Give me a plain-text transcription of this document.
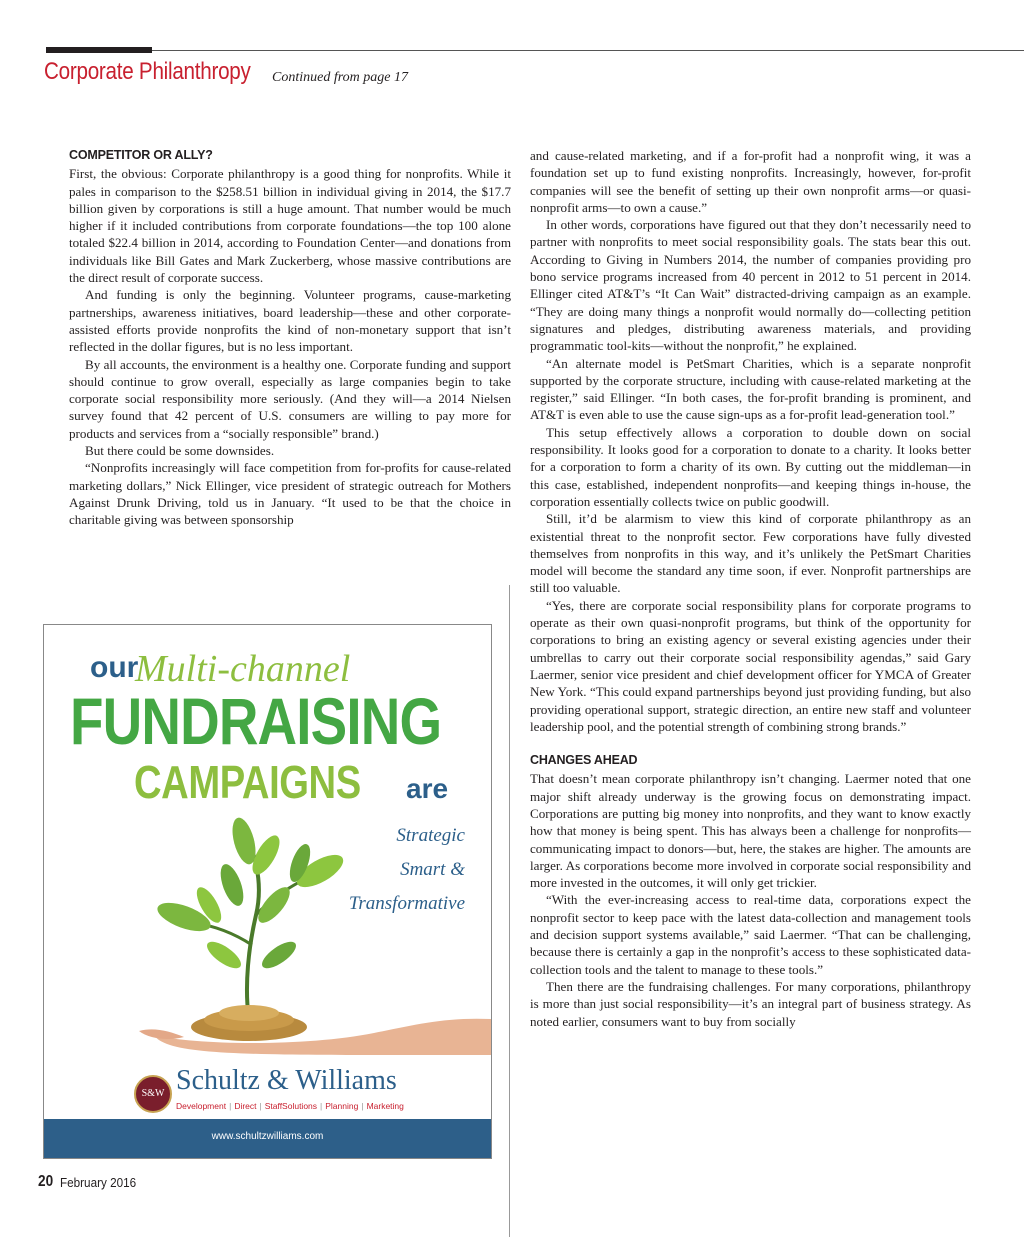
Corporate Philanthropy Continued from page 17
COMPETITOR OR ALLY?

First, the obvious: Corporate philanthropy is a good thing for nonprofits. While it pales in comparison to the $258.51 billion in individual giving in 2014, the $17.7 billion given by corporations is still a huge amount. That number would be much higher if it included contributions from corporate foundations—the top 100 alone totaled $22.4 billion in 2014, according to Foundation Center—and donations from individuals like Bill Gates and Mark Zuckerberg, whose massive contributions are the direct result of corporate success.

And funding is only the beginning. Volunteer programs, cause-marketing partnerships, awareness initiatives, board leadership—these and other corporate-assisted efforts provide nonprofits the kind of non-monetary support that isn’t reflected in the dollar figures, but is no less important.

By all accounts, the environment is a healthy one. Corporate funding and support should continue to grow overall, especially as large companies begin to take corporate social responsibility more seriously. (And they will—a 2014 Nielsen survey found that 42 percent of U.S. consumers are willing to pay more for products and services from a “socially responsible” brand.)

But there could be some downsides.

“Nonprofits increasingly will face competition from for-profits for cause-related marketing dollars,” Nick Ellinger, vice president of strategic outreach for Mothers Against Drunk Driving, told us in January. “It used to be that the choice in charitable giving was between sponsorship

and cause-related marketing, and if a for-profit had a nonprofit wing, it was a foundation set up to fund existing nonprofits. Increasingly, however, for-profit companies will see the benefit of setting up their own nonprofit arms—or quasi-nonprofit arms—to own a cause.”

In other words, corporations have figured out that they don’t necessarily need to partner with nonprofits to meet social responsibility goals. The stats bear this out. According to Giving in Numbers 2014, the number of companies providing pro bono service programs increased from 40 percent in 2012 to 51 percent in 2014. Ellinger cited AT&T’s “It Can Wait” distracted-driving campaign as an example. “They are doing many things a nonprofit would normally do—collecting petition signatures and pledges, distributing awareness materials, and providing programmatic tool-kits—without the nonprofit,” he explained.

“An alternate model is PetSmart Charities, which is a separate nonprofit supported by the corporate structure, including with cause-related marketing at the register,” said Ellinger. “In both cases, the for-profit branding is prominent, and AT&T is even able to use the cause sign-ups as a for-profit lead-generation tool.”

This setup effectively allows a corporation to double down on social responsibility. It looks good for a corporation to donate to a charity. It looks better for a corporation to form a charity of its own. By cutting out the middleman—in this case, established, independent nonprofits—and keeping things in-house, the corporation essentially collects twice on public goodwill.

Still, it’d be alarmism to view this kind of corporate philanthropy as an existential threat to the nonprofit sector. Few corporations have fully divested themselves from nonprofits in this way, and it’s unlikely the PetSmart Charities model will become the standard any time soon, if ever. Nonprofit partnerships are still too valuable.

“Yes, there are corporate social responsibility plans for corporate programs to operate as their own quasi-nonprofit programs, but think of the opportunity for corporations to bring an existing agency or several existing agencies under their umbrellas to carry out their corporate social responsibility agendas,” said Gary Laermer, senior vice president and chief development officer for YMCA of Greater New York. “This could expand partnerships beyond just providing funding, but also providing operational support, strategic direction, an entire new staff and volunteer leadership pool, and the potential strength of combining strong brands.”

CHANGES AHEAD

That doesn’t mean corporate philanthropy isn’t changing. Laermer noted that one major shift already underway is the growing focus on demonstrating impact. Corporations are putting big money into nonprofits, and they want to know exactly how that money is being spent. This has always been a challenge for nonprofits—communicating impact to donors—but, here, the stakes are higher. The amounts are larger. As corporations become more involved in corporate social responsibility and more invested in the outcomes, it will only get trickier.

“With the ever-increasing access to real-time data, corporations expect the nonprofit sector to keep pace with the latest data-collection and management tools and decision support systems available,” said Laermer. “That can be challenging, because there is certainly a gap in the nonprofit’s access to these sophisticated data-collection tools and the talent to manage to these tools.”

Then there are the fundraising challenges. For many corporations, philanthropy is more than just social responsibility—it’s an integral part of business strategy. As noted earlier, consumers want to buy from socially

our
Multi-channel
FUNDRAISING
CAMPAIGNS are
Strategic
Smart &
Transformative
S&W Schultz & Williams
Development | Direct | StaffSolutions | Planning | Marketing
www.schultzwilliams.com
20 February 2016
